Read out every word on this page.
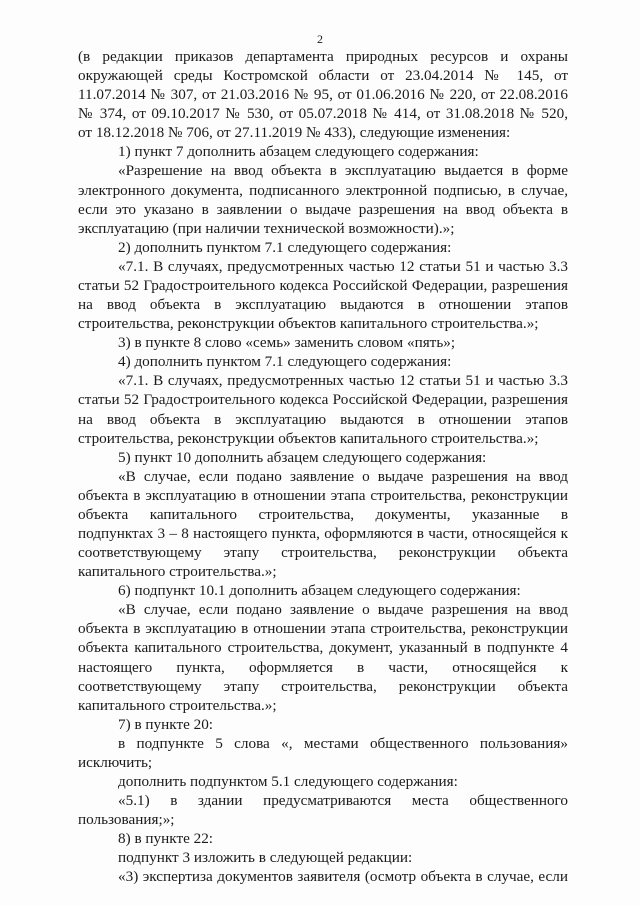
2
(в редакции приказов департамента природных ресурсов и охраны
окружающей среды Костромской области от 23.04.2014 № 145, от
11.07.2014 № 307, от 21.03.2016 № 95, от 01.06.2016 № 220, от 22.08.2016
№ 374, от 09.10.2017 № 530, от 05.07.2018 № 414, от 31.08.2018 № 520,
от 18.12.2018 № 706, от 27.11.2019 № 433), следующие изменения:
1) пункт 7 дополнить абзацем следующего содержания:
«Разрешение на ввод объекта в эксплуатацию выдается в форме
электронного документа, подписанного электронной подписью, в случае,
если это указано в заявлении о выдаче разрешения на ввод объекта в
эксплуатацию (при наличии технической возможности).»;
2) дополнить пунктом 7.1 следующего содержания:
«7.1. В случаях, предусмотренных частью 12 статьи 51 и частью 3.3
статьи 52 Градостроительного кодекса Российской Федерации, разрешения
на ввод объекта в эксплуатацию выдаются в отношении этапов
строительства, реконструкции объектов капитального строительства.»;
3) в пункте 8 слово «семь» заменить словом «пять»;
4) дополнить пунктом 7.1 следующего содержания:
«7.1. В случаях, предусмотренных частью 12 статьи 51 и частью 3.3
статьи 52 Градостроительного кодекса Российской Федерации, разрешения
на ввод объекта в эксплуатацию выдаются в отношении этапов
строительства, реконструкции объектов капитального строительства.»;
5) пункт 10 дополнить абзацем следующего содержания:
«В случае, если подано заявление о выдаче разрешения на ввод
объекта в эксплуатацию в отношении этапа строительства, реконструкции
объекта капитального строительства, документы, указанные в
подпунктах 3 – 8 настоящего пункта, оформляются в части, относящейся к
соответствующему этапу строительства, реконструкции объекта
капитального строительства.»;
6) подпункт 10.1 дополнить абзацем следующего содержания:
«В случае, если подано заявление о выдаче разрешения на ввод
объекта в эксплуатацию в отношении этапа строительства, реконструкции
объекта капитального строительства, документ, указанный в подпункте 4
настоящего пункта, оформляется в части, относящейся к
соответствующему этапу строительства, реконструкции объекта
капитального строительства.»;
7) в пункте 20:
в подпункте 5 слова «, местами общественного пользования»
исключить;
дополнить подпунктом 5.1 следующего содержания:
«5.1) в здании предусматриваются места общественного
пользования;»;
8) в пункте 22:
подпункт 3 изложить в следующей редакции:
«3) экспертиза документов заявителя (осмотр объекта в случае, если
